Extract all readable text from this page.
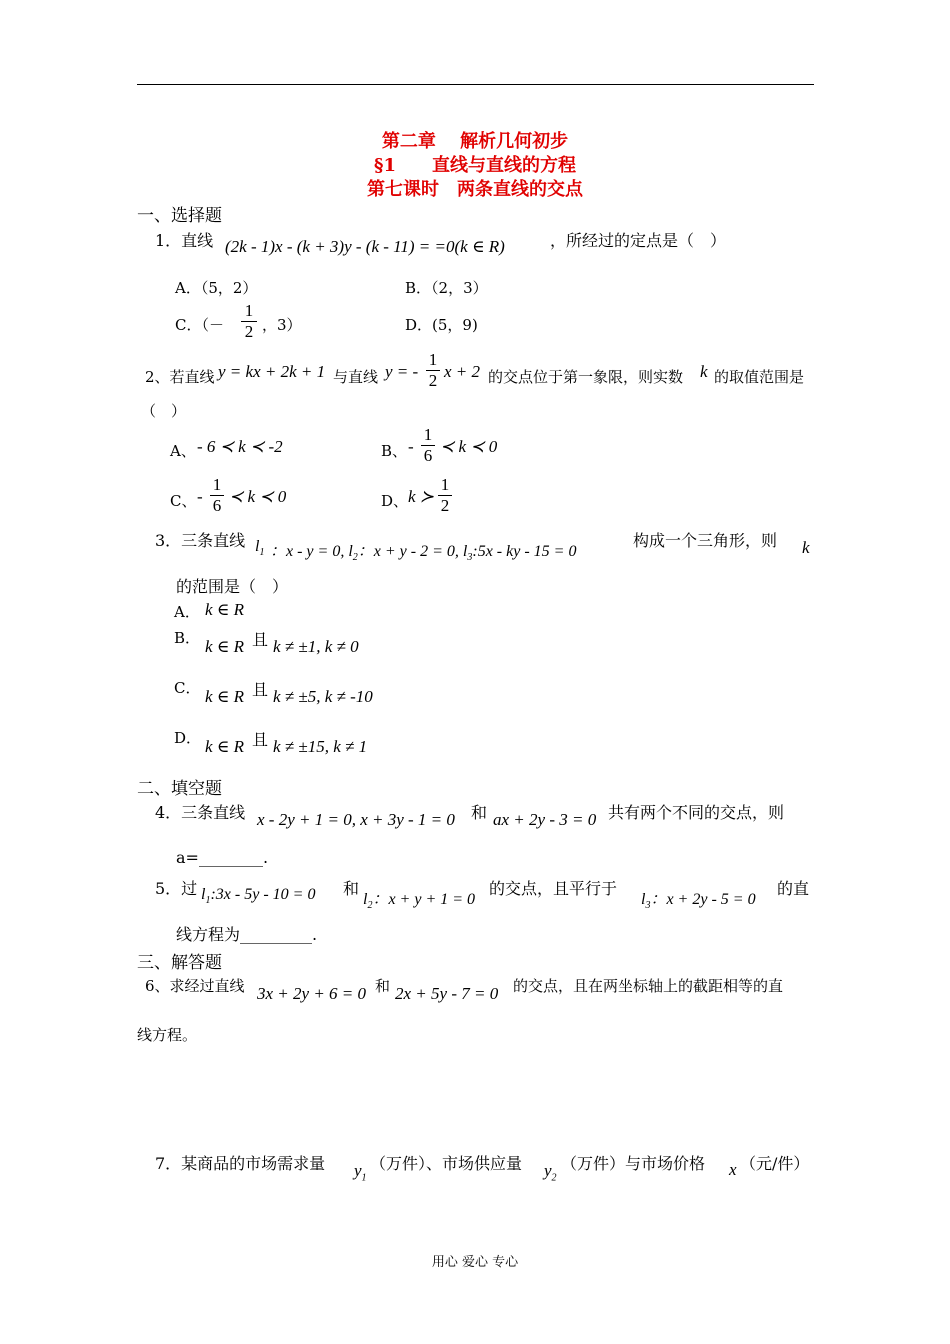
第二章　 解析几何初步
§1　　直线与直线的方程
第七课时　两条直线的交点
一、选择题
1．直线 (2k - 1)x - (k + 3)y - (k - 11) = =0(k ∈ R)	，所经过的定点是（　）
A．（5，2）	B．（2，3）
C．（－
1
2 ，3）	D．(5，9)
2、若直线 y = kx + 2k + 1 与直线 y = -
1
2 x + 2 的交点位于第一象限，则实数 k 的取值范围是
（　）
A、 - 6 ≺ k ≺ -2	B、 -
1
6 ≺ k ≺ 0
C、 -
1
6 ≺ k ≺ 0	D、 k ≻
1
2
3．三条直线 $l_1$ ：x - y = 0, $l_2$：x + y - 2 = 0, $l_3:5x$ - ky - 15 = 0
构成一个三角形，则 k
的范围是（　）
A． k ∈ R
B． k ∈ R 且 k ≠ ±1, k ≠ 0
C． k ∈ R 且 k ≠ ±5, k ≠ -10
D． k ∈ R 且 k ≠ ±15, k ≠ 1
二、填空题
4．三条直线 x - 2y + 1 = 0, x + 3y - 1 = 0 和 ax + 2y - 3 = 0 共有两个不同的交点，则
a=________.
5．过 $l_1:3x - 5y - 10 = 0$ 和
$l_2$：x + y + 1 = 0
的交点，且平行于
$l_3$：x + 2y - 5 = 0
的直
线方程为_________.
三、解答题
6、求经过直线 3x + 2y + 6 = 0 和 2x + 5y - 7 = 0 的交点，且在两坐标轴上的截距相等的直
线方程。
7．某商品的市场需求量 $y_1$
（万件）、市场供应量 $y_2$
（万件）与市场价格 x （元/件）
用心 爱心 专心
